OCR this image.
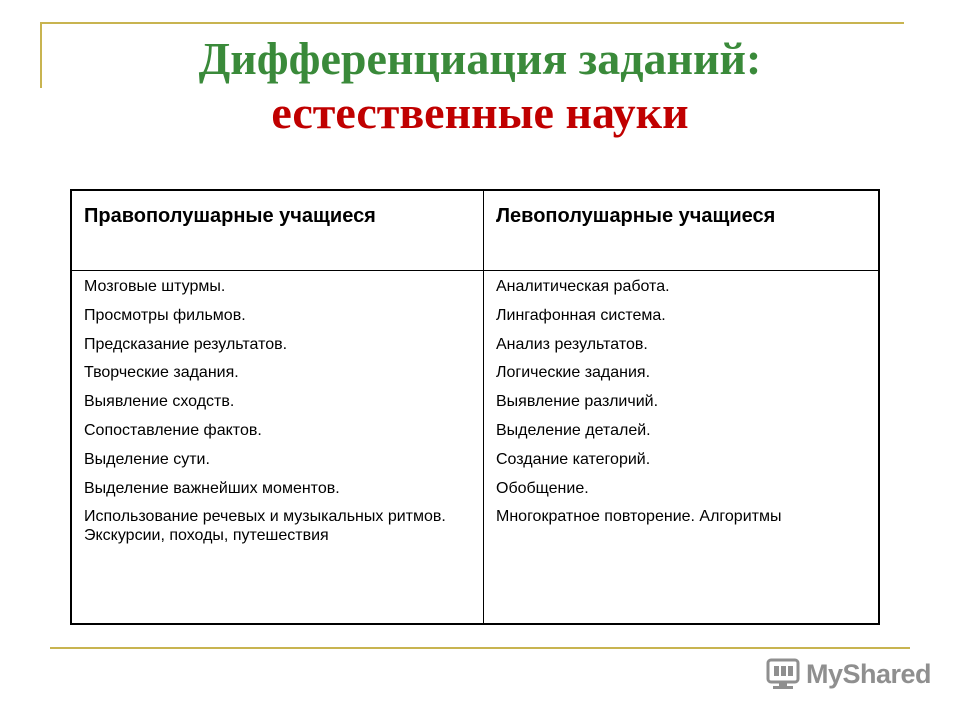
Дифференциация заданий:
естественные науки
Правополушарные учащиеся	Левополушарные учащиеся
Мозговые штурмы.
Просмотры фильмов.
Предсказание результатов.
Творческие задания.
Выявление сходств.
Сопоставление фактов.
Выделение сути.
Выделение важнейших моментов.
Использование речевых и музыкальных ритмов. Экскурсии, походы, путешествия
Аналитическая работа.
Лингафонная система.
Анализ результатов.
Логические задания.
Выявление различий.
Выделение деталей.
Создание категорий.
Обобщение.
Многократное повторение. Алгоритмы
MyShared
